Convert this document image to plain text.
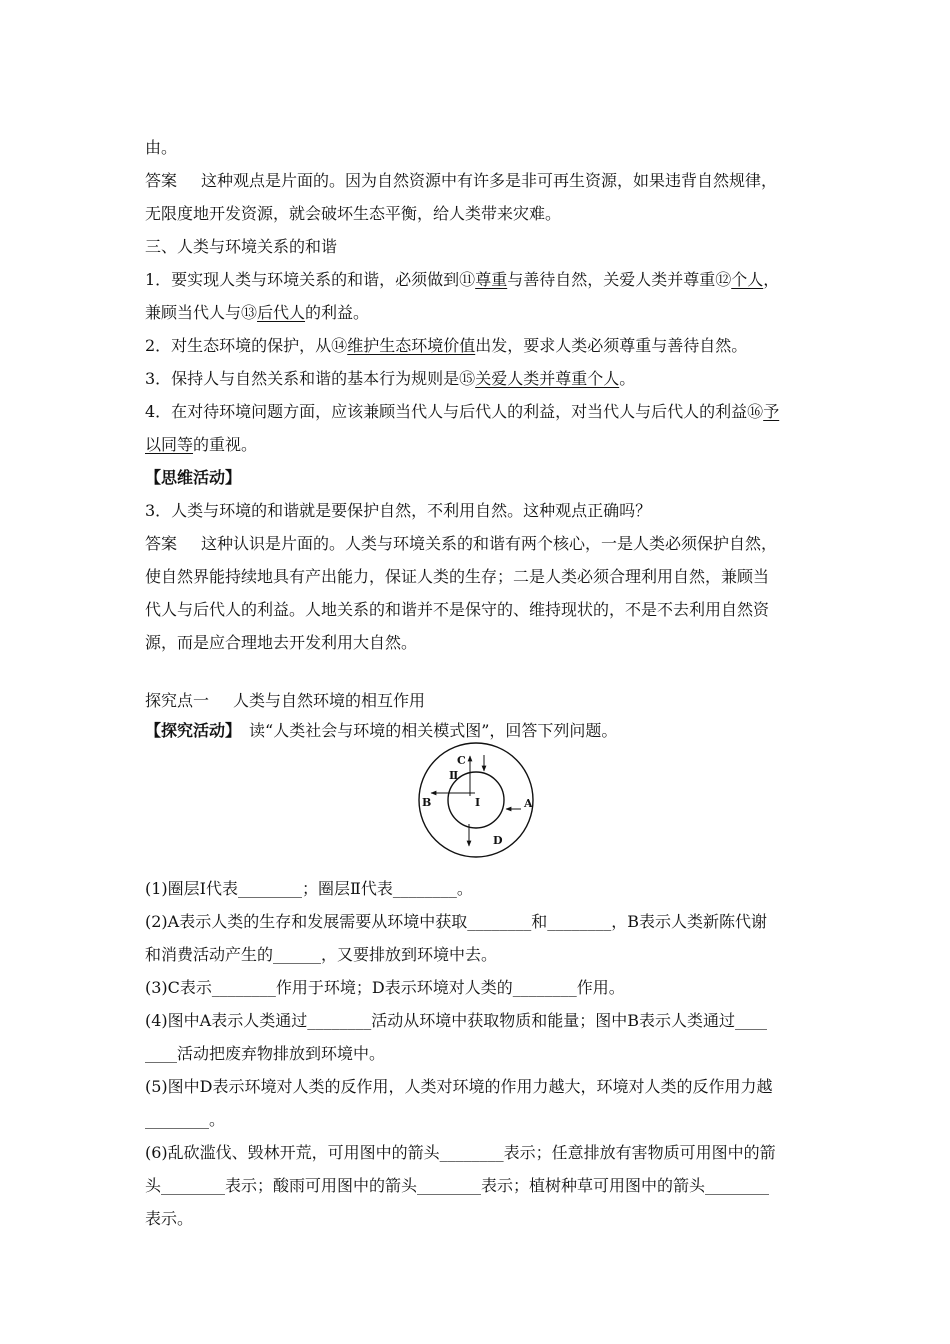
由。
答案 这种观点是片面的。因为自然资源中有许多是非可再生资源，如果违背自然规律，
无限度地开发资源，就会破坏生态平衡，给人类带来灾难。
三、人类与环境关系的和谐
1．要实现人类与环境关系的和谐，必须做到⑪尊重与善待自然，关爱人类并尊重⑫个人，
兼顾当代人与⑬后代人的利益。
2．对生态环境的保护，从⑭维护生态环境价值出发，要求人类必须尊重与善待自然。
3．保持人与自然关系和谐的基本行为规则是⑮关爱人类并尊重个人。
4．在对待环境问题方面，应该兼顾当代人与后代人的利益，对当代人与后代人的利益⑯予
以同等的重视。
【思维活动】
3．人类与环境的和谐就是要保护自然，不利用自然。这种观点正确吗？
答案 这种认识是片面的。人类与环境关系的和谐有两个核心，一是人类必须保护自然，
使自然界能持续地具有产出能力，保证人类的生存；二是人类必须合理利用自然，兼顾当
代人与后代人的利益。人地关系的和谐并不是保守的、维持现状的，不是不去利用自然资
源，而是应合理地去开发利用大自然。
探究点一 人类与自然环境的相互作用
【探究活动】 读“人类社会与环境的相关模式图”，回答下列问题。
C
Ⅱ
B	I	A
D
(1)圈层Ⅰ代表________；圈层Ⅱ代表________。
(2)A表示人类的生存和发展需要从环境中获取________和________，B表示人类新陈代谢
和消费活动产生的______，又要排放到环境中去。
(3)C表示________作用于环境；D表示环境对人类的________作用。
(4)图中A表示人类通过________活动从环境中获取物质和能量；图中B表示人类通过____
____活动把废弃物排放到环境中。
(5)图中D表示环境对人类的反作用，人类对环境的作用力越大，环境对人类的反作用力越
________。
(6)乱砍滥伐、毁林开荒，可用图中的箭头________表示；任意排放有害物质可用图中的箭
头________表示；酸雨可用图中的箭头________表示；植树种草可用图中的箭头________
表示。
